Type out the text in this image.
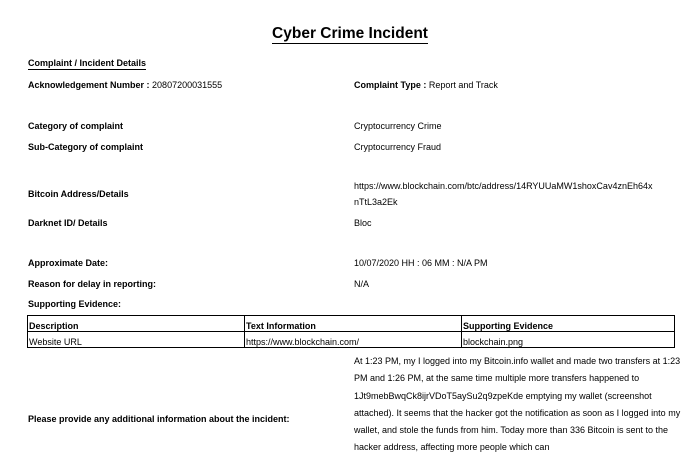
Cyber Crime Incident
Complaint / Incident Details
Acknowledgement Number : 20807200031555	Complaint Type : Report and Track
Category of complaint	Cryptocurrency Crime
Sub-Category of complaint	Cryptocurrency Fraud
Bitcoin Address/Details
https://www.blockchain.com/btc/address/14RYUUaMW1shoxCav4znEh64x
nTtL3a2Ek
Darknet ID/ Details	Bloc
Approximate Date:	10/07/2020 HH : 06 MM : N/A PM
Reason for delay in reporting:	N/A
Supporting Evidence:
Description	Text Information	Supporting Evidence
Website URL	https://www.blockchain.com/	blockchain.png
Please provide any additional information about the incident:
At 1:23 PM, my I logged into my Bitcoin.info wallet and made two transfers at 1:23 PM and 1:26 PM, at the same time multiple more transfers happened to 1Jt9mebBwqCk8ijrVDoT5aySu2q9zpeKde emptying my wallet (screenshot attached). It seems that the hacker got the notification as soon as I logged into my wallet, and stole the funds from him. Today more than 336 Bitcoin is sent to the hacker address, affecting more people which can
